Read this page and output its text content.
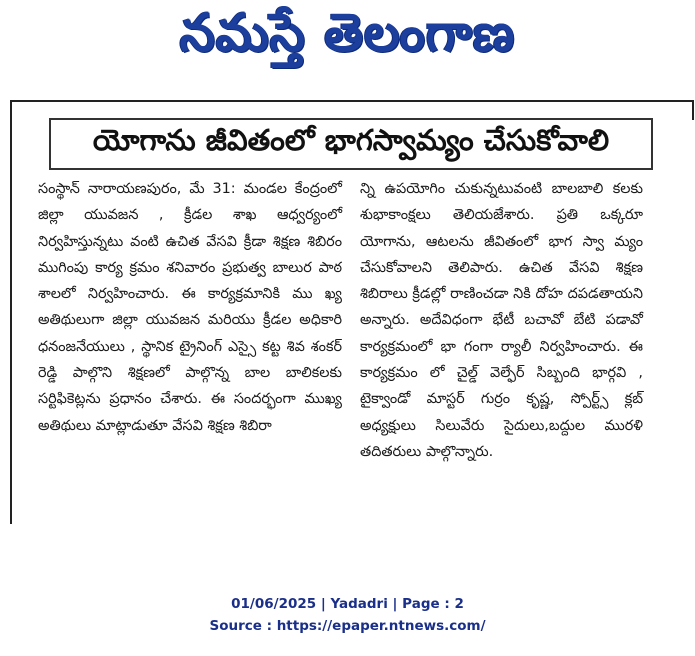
నమస్తే తెలంగాణ
యోగాను జీవితంలో భాగస్వామ్యం చేసుకోవాలి
సంస్థాన్ నారాయణపురం, మే 31: మండల కేంద్రంలో జిల్లా యువజన , క్రీడల శాఖ ఆధ్వర్యంలో నిర్వహిస్తున్నటు వంటి ఉచిత వేసవి క్రీడా శిక్షణ శిబిరం ముగింపు కార్య క్రమం శనివారం ప్రభుత్వ బాలుర పాఠ శాలలో నిర్వహించారు. ఈ కార్యక్రమానికి ము ఖ్య అతిథులుగా జిల్లా యువజన మరియు క్రీడల అధికారి ధనంజనేయులు , స్థానిక ట్రైనింగ్ ఎస్సై కట్ట శివ శంకర్ రెడ్డి పాల్గొని శిక్షణలో పాల్గొన్న బాల బాలికలకు సర్టిఫికెట్లను ప్రధానం చేశారు. ఈ సందర్భంగా ముఖ్య అతిథులు మాట్లాడుతూ వేసవి శిక్షణ శిబిరా
న్ని ఉపయోగిం చుకున్నటువంటి బాలబాలి కలకు శుభాకాంక్షలు తెలియజేశారు. ప్రతి ఒక్కరూ యోగాను, ఆటలను జీవితంలో భాగ స్వా మ్యం చేసుకోవాలని తెలిపారు. ఉచిత వేసవి శిక్షణ శిబిరాలు క్రీడల్లో రాణించడా నికి దోహ దపడతాయని అన్నారు. అదేవిధంగా భేటీ బచావో బేటి పడావో కార్యక్రమంలో భా గంగా ర్యాలీ నిర్వహించారు. ఈ కార్యక్రమం లో చైల్డ్ వెల్ఫేర్ సిబ్బంది భార్గవి , టైక్వాండో మాస్టర్ గుర్రం కృష్ణ, స్పోర్ట్స్ క్లబ్ అధ్యక్షులు సిలువేరు సైదులు,బద్దుల మురళి తదితరులు పాల్గొన్నారు.
01/06/2025 | Yadadri | Page : 2
Source : https://epaper.ntnews.com/
